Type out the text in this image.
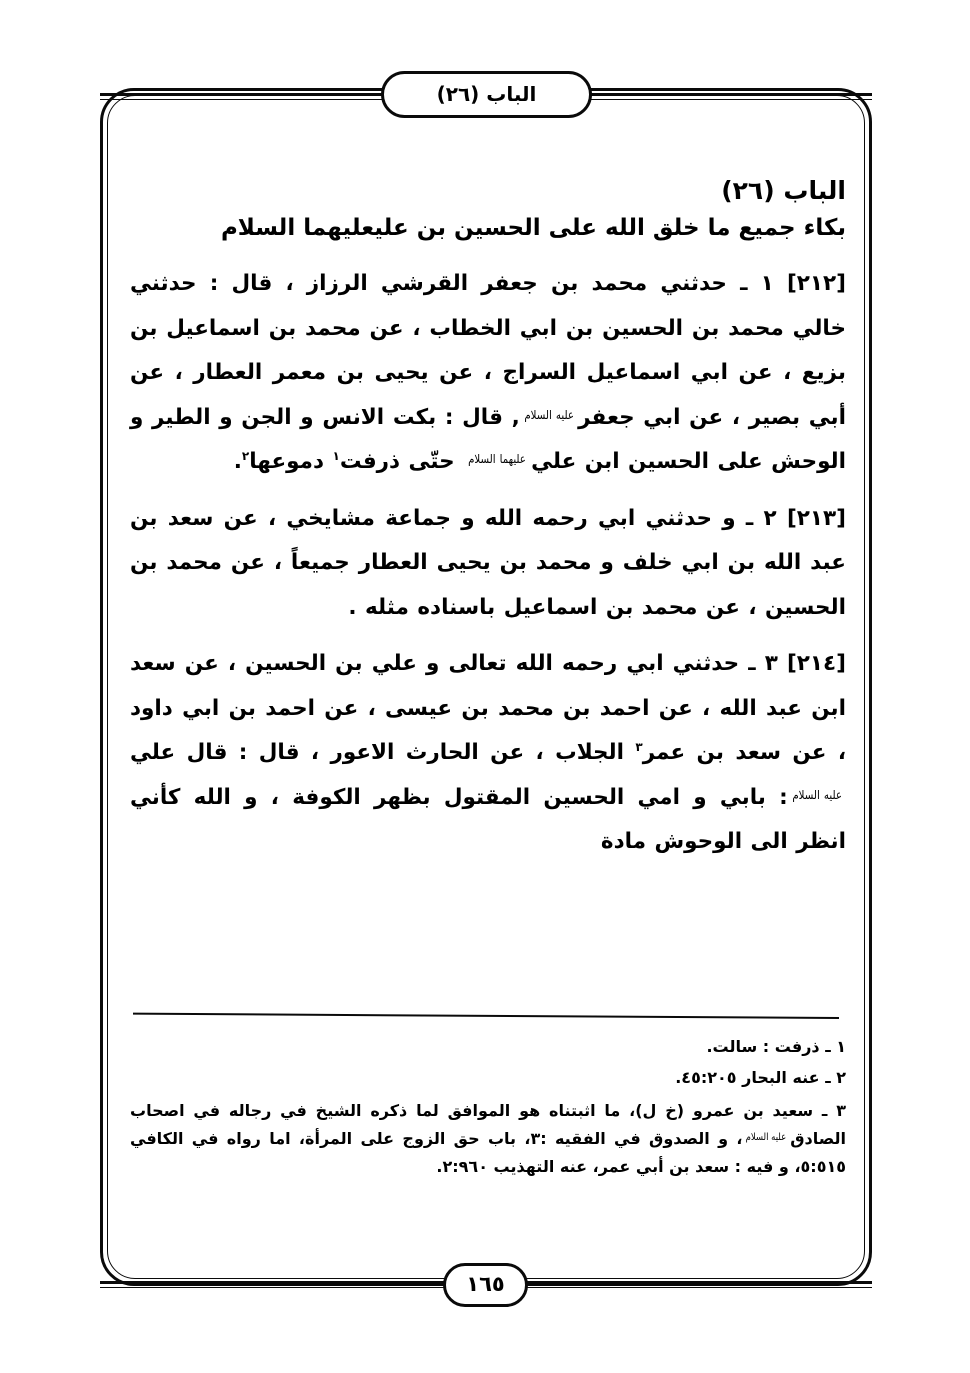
الباب (٢٦)
الباب (٢٦)
بكاء جميع ما خلق الله على الحسين بن عليعليهما السلام

[٢١٢] ١ ـ حدثني محمد بن جعفر القرشي الرزاز ، قال : حدثني خالي محمد بن الحسين بن ابي الخطاب ، عن محمد بن اسماعيل بن بزيع ، عن ابي اسماعيل السراج ، عن يحيى بن معمر العطار ، عن أبي بصير ، عن ابي جعفرعليه السلام, قال : بكت الانس و الجن و الطير و الوحش على الحسين ابن عليعليهما السلام حتّى ذرفت$^١$ دموعها$^٢$.

[٢١٣] ٢ ـ و حدثني ابي رحمه الله و جماعة مشايخي ، عن سعد بن عبد الله بن ابي خلف و محمد بن يحيى العطار جميعاً ، عن محمد بن الحسين ، عن محمد بن اسماعيل باسناده مثله .

[٢١٤] ٣ ـ حدثني ابي رحمه الله تعالى و علي بن الحسين ، عن سعد ابن عبد الله ، عن احمد بن محمد بن عيسى ، عن احمد بن ابي داود ، عن سعد بن عمر$^٣$ الجلاب ، عن الحارث الاعور ، قال : قال عليعليه السلام: بابي و امي الحسين المقتول بظهر الكوفة ، و الله كأني انظر الى الوحوش مادة

١ ـ ذرفت : سالت.

٢ ـ عنه البحار ٤٥:٢٠٥.

٣ ـ سعيد بن عمرو (خ ل)، ما اثبتناه هو الموافق لما ذكره الشيخ في رجاله في اصحاب الصادقعليه السلام، و الصدوق في الفقيه :٣، باب حق الزوج على المرأة، اما رواه في الكافي ٥:٥١٥، و فيه : سعد بن أبي عمر، عنه التهذيب ٢:٩٦٠.

١٦٥
